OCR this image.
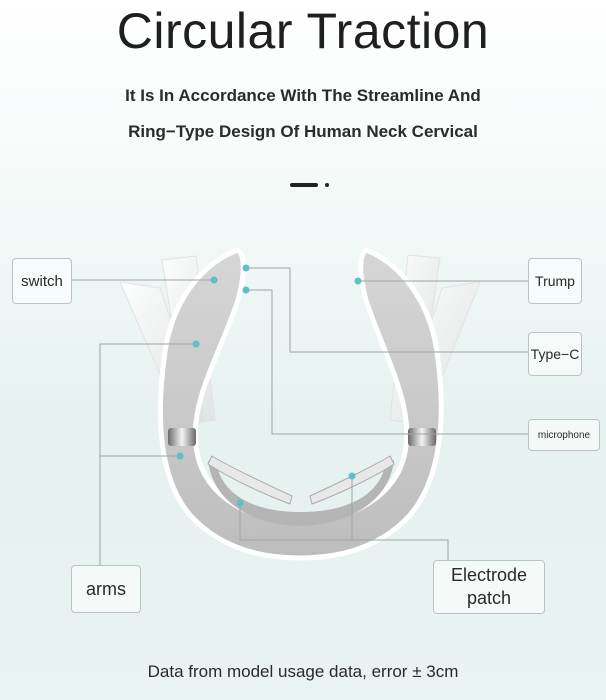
Circular Traction
It Is In Accordance With The Streamline And
Ring−Type Design Of Human Neck Cervical
switch	Trump
Type−C
microphone
arms
Electrode
patch
Data from model usage data, error ± 3cm
